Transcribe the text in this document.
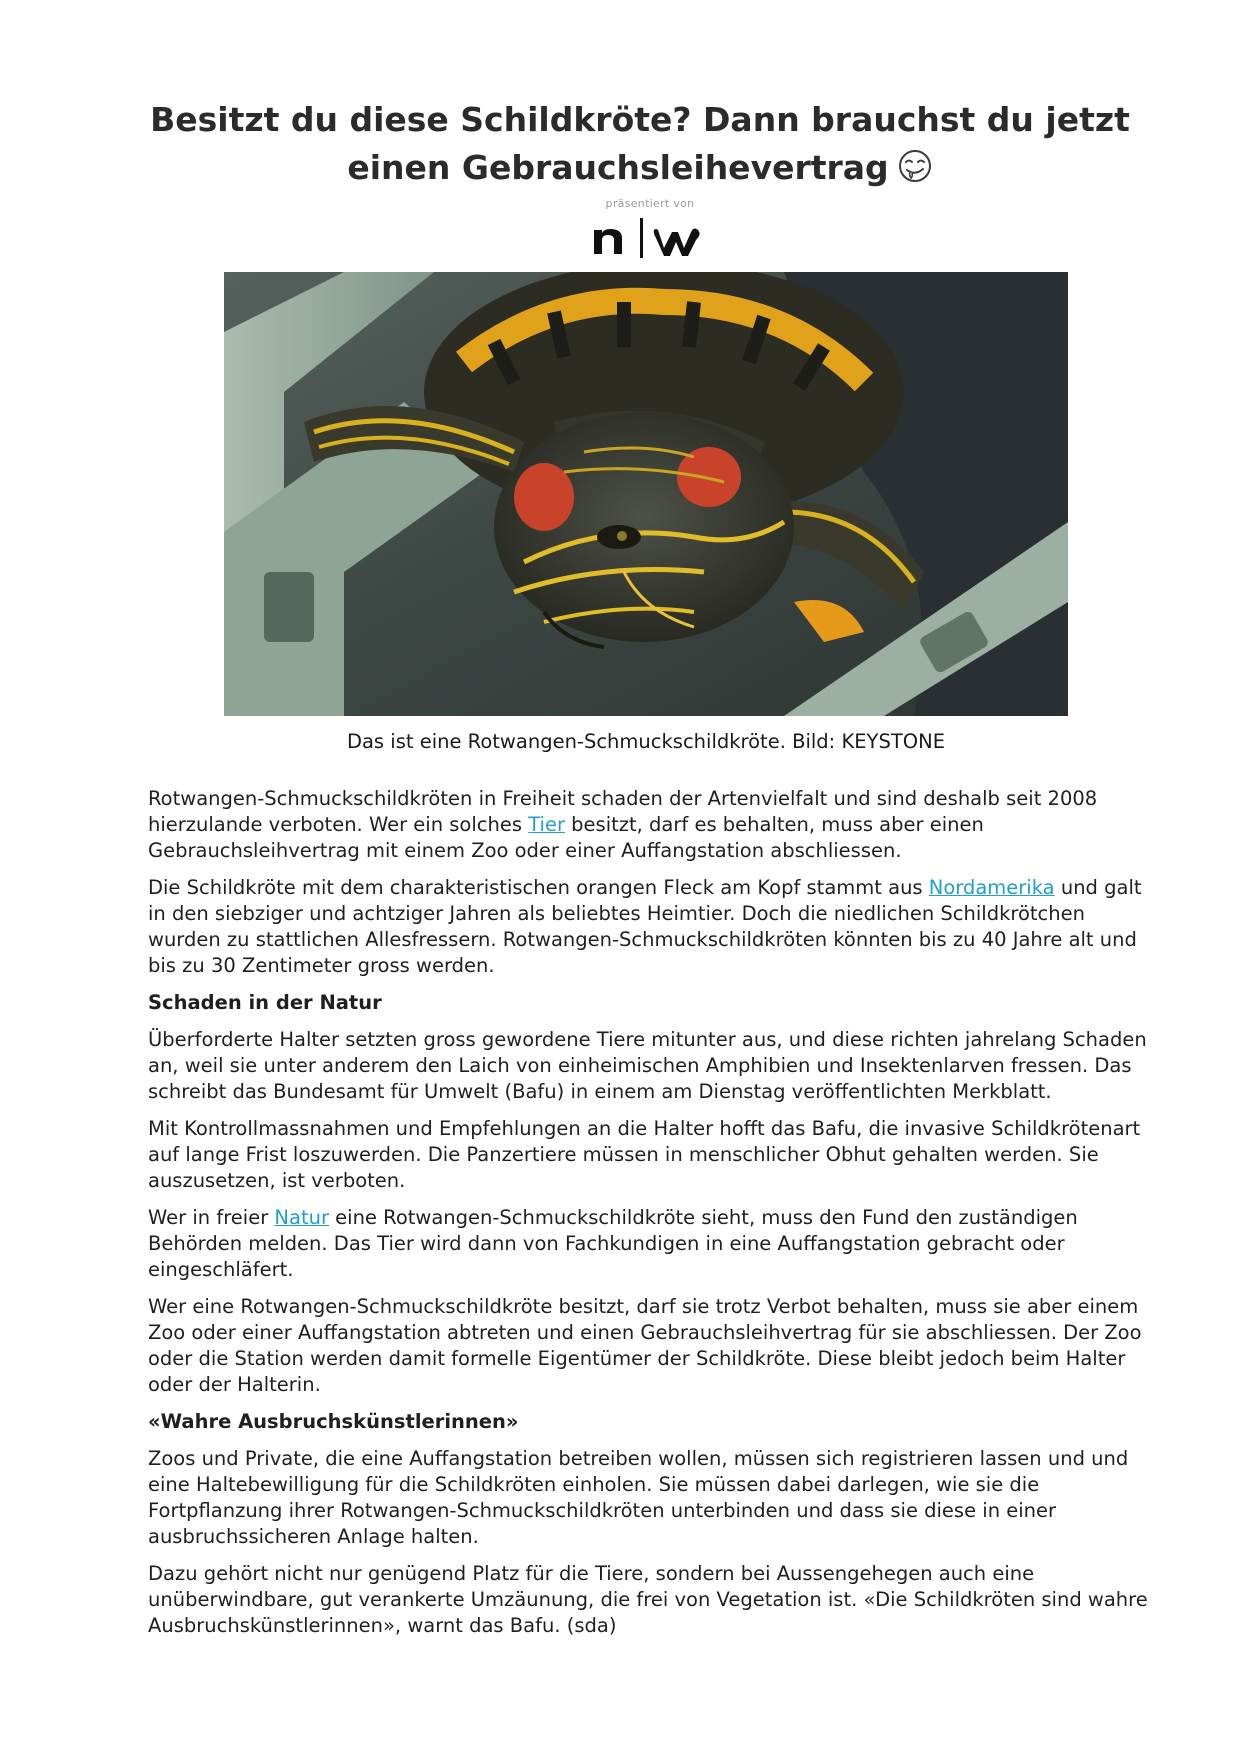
Besitzt du diese Schildkröte? Dann brauchst du jetzt
einen Gebrauchsleihevertrag
präsentiert von
Das ist eine Rotwangen-Schmuckschildkröte. Bild: KEYSTONE

Rotwangen-Schmuckschildkröten in Freiheit schaden der Artenvielfalt und sind deshalb seit 2008 hierzulande verboten. Wer ein solches Tier besitzt, darf es behalten, muss aber einen Gebrauchsleihvertrag mit einem Zoo oder einer Auffangstation abschliessen.

Die Schildkröte mit dem charakteristischen orangen Fleck am Kopf stammt aus Nordamerika und galt in den siebziger und achtziger Jahren als beliebtes Heimtier. Doch die niedlichen Schildkrötchen wurden zu stattlichen Allesfressern. Rotwangen-Schmuckschildkröten könnten bis zu 40 Jahre alt und bis zu 30 Zentimeter gross werden.

Schaden in der Natur

Überforderte Halter setzten gross gewordene Tiere mitunter aus, und diese richten jahrelang Schaden an, weil sie unter anderem den Laich von einheimischen Amphibien und Insektenlarven fressen. Das schreibt das Bundesamt für Umwelt (Bafu) in einem am Dienstag veröffentlichten Merkblatt.

Mit Kontrollmassnahmen und Empfehlungen an die Halter hofft das Bafu, die invasive Schildkrötenart auf lange Frist loszuwerden. Die Panzertiere müssen in menschlicher Obhut gehalten werden. Sie auszusetzen, ist verboten.

Wer in freier Natur eine Rotwangen-Schmuckschildkröte sieht, muss den Fund den zuständigen Behörden melden. Das Tier wird dann von Fachkundigen in eine Auffangstation gebracht oder eingeschläfert.

Wer eine Rotwangen-Schmuckschildkröte besitzt, darf sie trotz Verbot behalten, muss sie aber einem Zoo oder einer Auffangstation abtreten und einen Gebrauchsleihvertrag für sie abschliessen. Der Zoo oder die Station werden damit formelle Eigentümer der Schildkröte. Diese bleibt jedoch beim Halter oder der Halterin.

«Wahre Ausbruchskünstlerinnen»

Zoos und Private, die eine Auffangstation betreiben wollen, müssen sich registrieren lassen und und eine Haltebewilligung für die Schildkröten einholen. Sie müssen dabei darlegen, wie sie die Fortpflanzung ihrer Rotwangen-Schmuckschildkröten unterbinden und dass sie diese in einer ausbruchssicheren Anlage halten.

Dazu gehört nicht nur genügend Platz für die Tiere, sondern bei Aussengehegen auch eine unüberwindbare, gut verankerte Umzäunung, die frei von Vegetation ist. «Die Schildkröten sind wahre Ausbruchskünstlerinnen», warnt das Bafu. (sda)
